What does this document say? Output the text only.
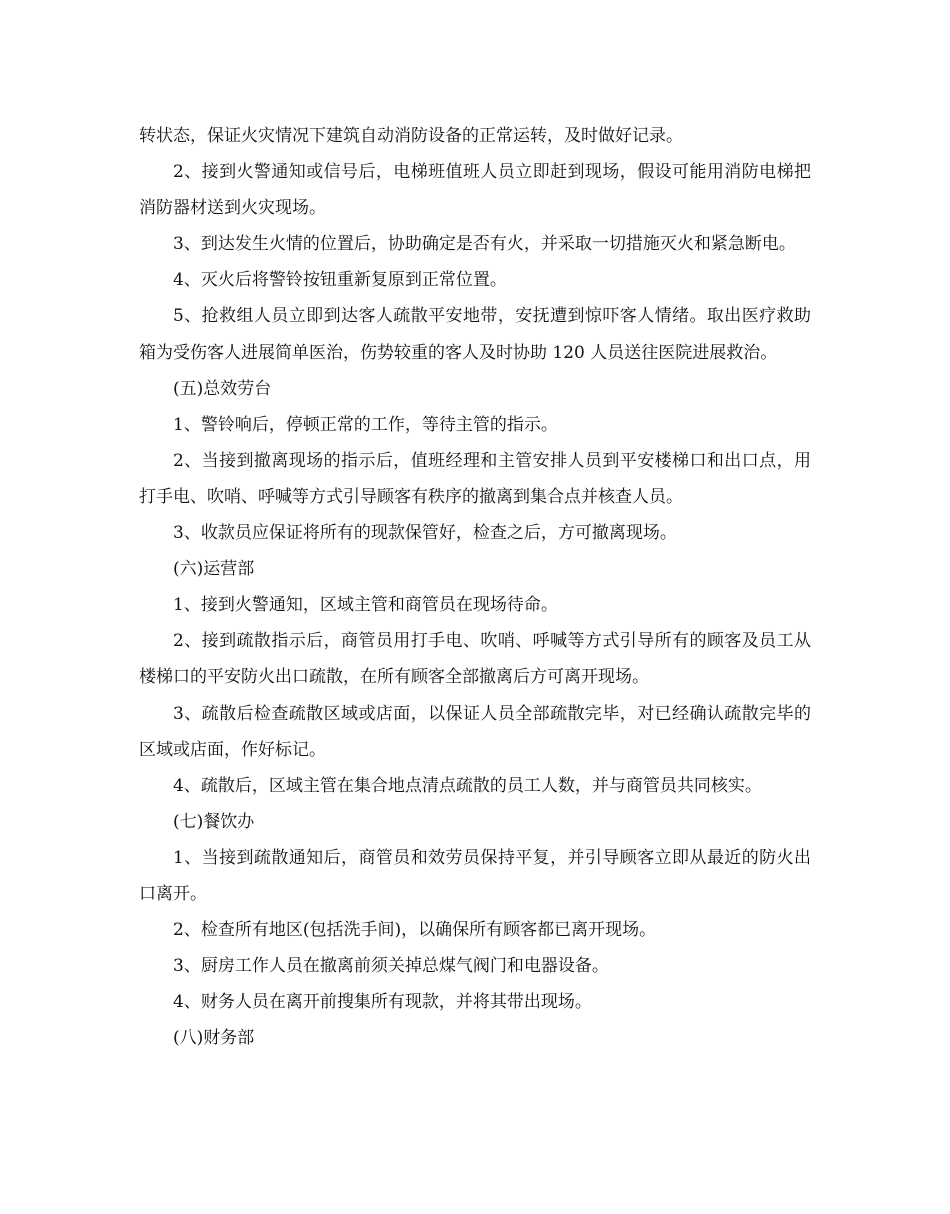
转状态，保证火灾情况下建筑自动消防设备的正常运转，及时做好记录。

2、接到火警通知或信号后，电梯班值班人员立即赶到现场，假设可能用消防电梯把消防器材送到火灾现场。

3、到达发生火情的位置后，协助确定是否有火，并采取一切措施灭火和紧急断电。

4、灭火后将警铃按钮重新复原到正常位置。

5、抢救组人员立即到达客人疏散平安地带，安抚遭到惊吓客人情绪。取出医疗救助箱为受伤客人进展简单医治，伤势较重的客人及时协助 120 人员送往医院进展救治。

(五)总效劳台

1、警铃响后，停顿正常的工作，等待主管的指示。

2、当接到撤离现场的指示后，值班经理和主管安排人员到平安楼梯口和出口点，用打手电、吹哨、呼喊等方式引导顾客有秩序的撤离到集合点并核查人员。

3、收款员应保证将所有的现款保管好，检查之后，方可撤离现场。

(六)运营部

1、接到火警通知，区域主管和商管员在现场待命。

2、接到疏散指示后，商管员用打手电、吹哨、呼喊等方式引导所有的顾客及员工从楼梯口的平安防火出口疏散，在所有顾客全部撤离后方可离开现场。

3、疏散后检查疏散区域或店面，以保证人员全部疏散完毕，对已经确认疏散完毕的区域或店面，作好标记。

4、疏散后，区域主管在集合地点清点疏散的员工人数，并与商管员共同核实。

(七)餐饮办

1、当接到疏散通知后，商管员和效劳员保持平复，并引导顾客立即从最近的防火出口离开。

2、检查所有地区(包括洗手间)，以确保所有顾客都已离开现场。

3、厨房工作人员在撤离前须关掉总煤气阀门和电器设备。

4、财务人员在离开前搜集所有现款，并将其带出现场。

(八)财务部
